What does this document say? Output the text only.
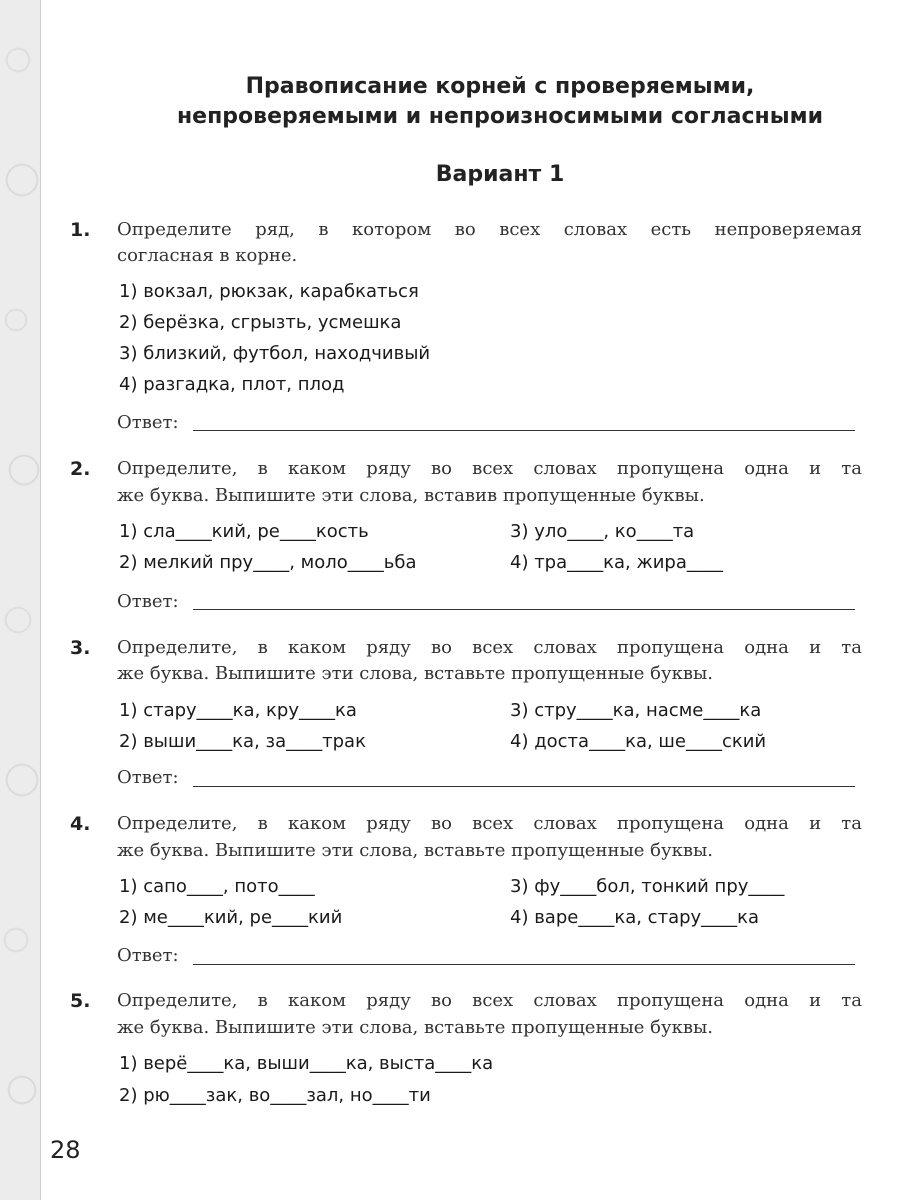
Правописание корней с проверяемыми,
непроверяемыми и непроизносимыми согласными
Вариант 1
1. Определите ряд, в котором во всех словах есть непроверяемая
согласная в корне.
1) вокзал, рюкзак, карабкаться
2) берёзка, сгрызть, усмешка
3) близкий, футбол, находчивый
4) разгадка, плот, плод
Ответ:
2. Определите, в каком ряду во всех словах пропущена одна и та
же буква. Выпишите эти слова, вставив пропущенные буквы.
1) сла____кий, ре____кость
2) мелкий пру____, моло____ьба
3) уло____, ко____та
4) тра____ка, жира____
Ответ:
3. Определите, в каком ряду во всех словах пропущена одна и та
же буква. Выпишите эти слова, вставьте пропущенные буквы.
1) стару____ка, кру____ка
2) выши____ка, за____трак
3) стру____ка, насме____ка
4) доста____ка, ше____ский
Ответ:
4. Определите, в каком ряду во всех словах пропущена одна и та
же буква. Выпишите эти слова, вставьте пропущенные буквы.
1) сапо____, пото____
2) ме____кий, ре____кий
3) фу____бол, тонкий пру____
4) варе____ка, стару____ка
Ответ:
5. Определите, в каком ряду во всех словах пропущена одна и та
же буква. Выпишите эти слова, вставьте пропущенные буквы.
1) верё____ка, выши____ка, выста____ка
2) рю____зак, во____зал, но____ти
28
